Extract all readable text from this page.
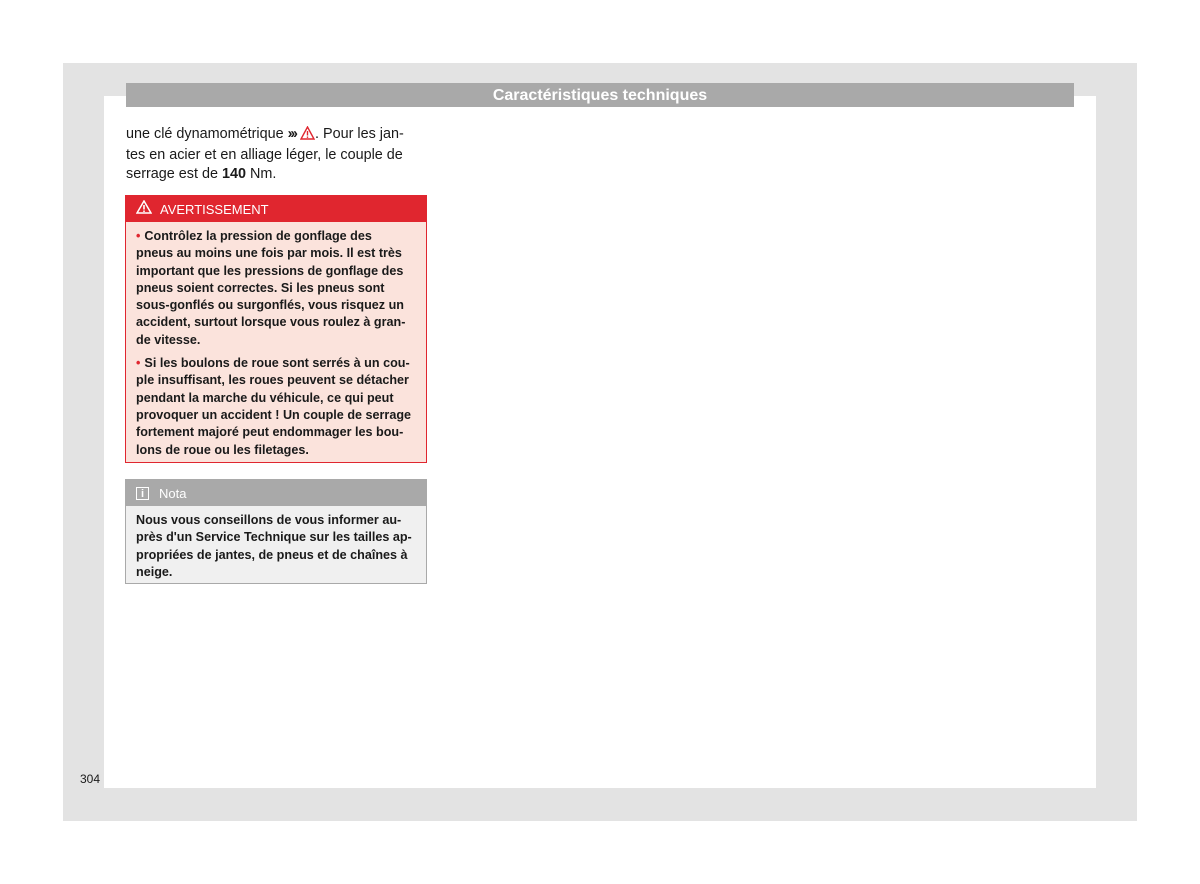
Caractéristiques techniques
une clé dynamométrique ››› . Pour les jan-
tes en acier et en alliage léger, le couple de
serrage est de 140 Nm.
AVERTISSEMENT

• Contrôlez la pression de gonflage des
pneus au moins une fois par mois. Il est très
important que les pressions de gonflage des
pneus soient correctes. Si les pneus sont
sous-gonflés ou surgonflés, vous risquez un
accident, surtout lorsque vous roulez à gran-
de vitesse.

• Si les boulons de roue sont serrés à un cou-
ple insuffisant, les roues peuvent se détacher
pendant la marche du véhicule, ce qui peut
provoquer un accident ! Un couple de serrage
fortement majoré peut endommager les bou-
lons de roue ou les filetages.

i
Nota
Nous vous conseillons de vous informer au-
près d'un Service Technique sur les tailles ap-
propriées de jantes, de pneus et de chaînes à
neige.
304
